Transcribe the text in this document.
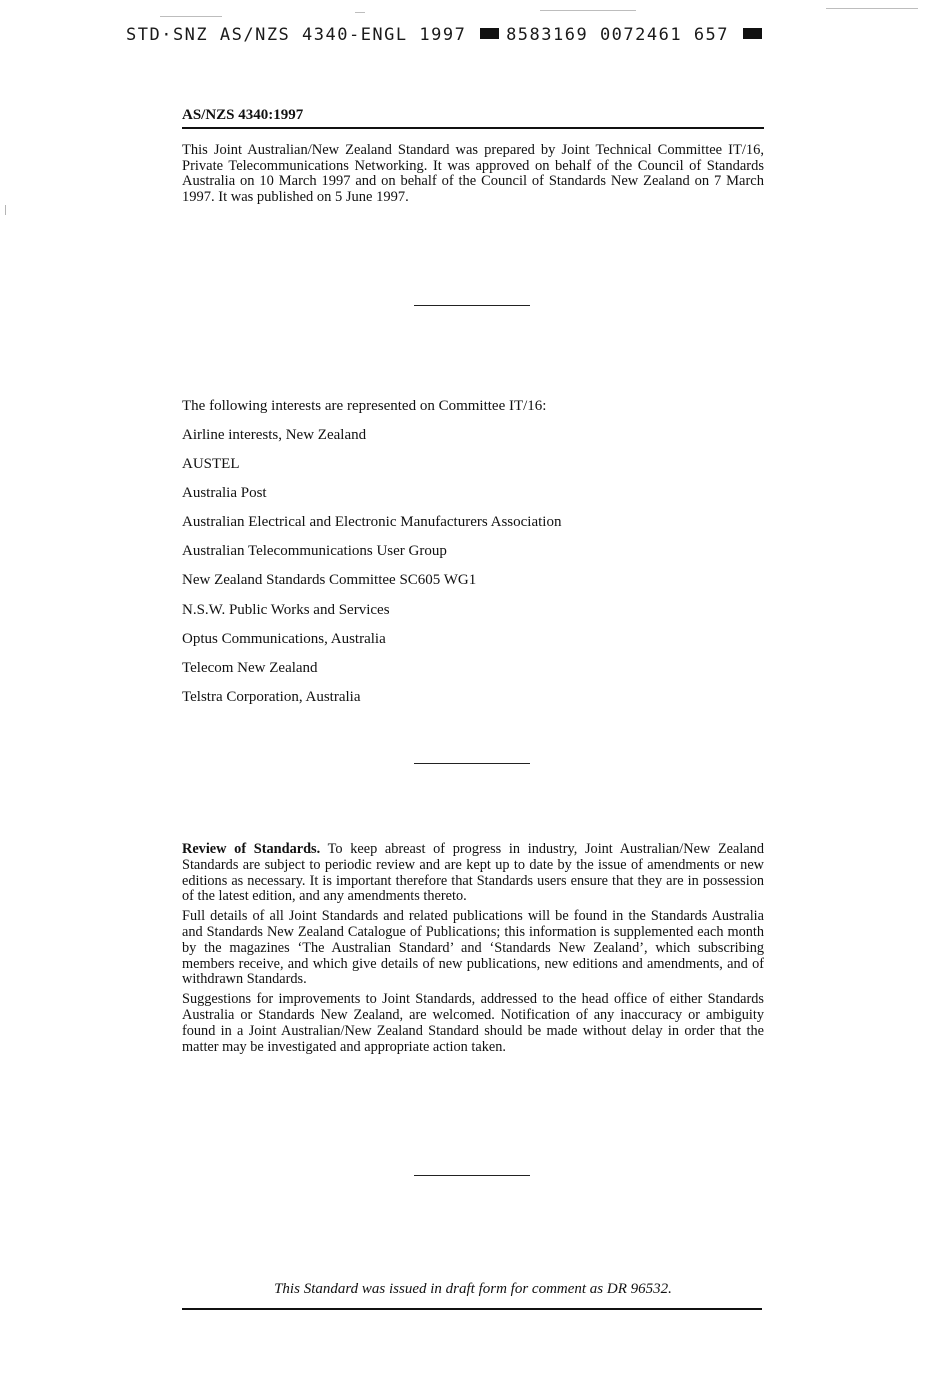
STD·SNZ AS/NZS 4340-ENGL 1997 8583169 0072461 657
AS/NZS 4340:1997

This Joint Australian/New Zealand Standard was prepared by Joint Technical Committee IT/16, Private Telecommunications Networking. It was approved on behalf of the Council of Standards Australia on 10 March 1997 and on behalf of the Council of Standards New Zealand on 7 March 1997. It was published on 5 June 1997.

The following interests are represented on Committee IT/16:

Airline interests, New Zealand
AUSTEL
Australia Post
Australian Electrical and Electronic Manufacturers Association
Australian Telecommunications User Group
New Zealand Standards Committee SC605 WG1
N.S.W. Public Works and Services
Optus Communications, Australia
Telecom New Zealand
Telstra Corporation, Australia

Review of Standards. To keep abreast of progress in industry, Joint Australian/New Zealand Standards are subject to periodic review and are kept up to date by the issue of amendments or new editions as necessary. It is important therefore that Standards users ensure that they are in possession of the latest edition, and any amendments thereto.

Full details of all Joint Standards and related publications will be found in the Standards Australia and Standards New Zealand Catalogue of Publications; this information is supplemented each month by the magazines ‘The Australian Standard’ and ‘Standards New Zealand’, which subscribing members receive, and which give details of new publications, new editions and amendments, and of withdrawn Standards.

Suggestions for improvements to Joint Standards, addressed to the head office of either Standards Australia or Standards New Zealand, are welcomed. Notification of any inaccuracy or ambiguity found in a Joint Australian/New Zealand Standard should be made without delay in order that the matter may be investigated and appropriate action taken.

This Standard was issued in draft form for comment as DR 96532.
